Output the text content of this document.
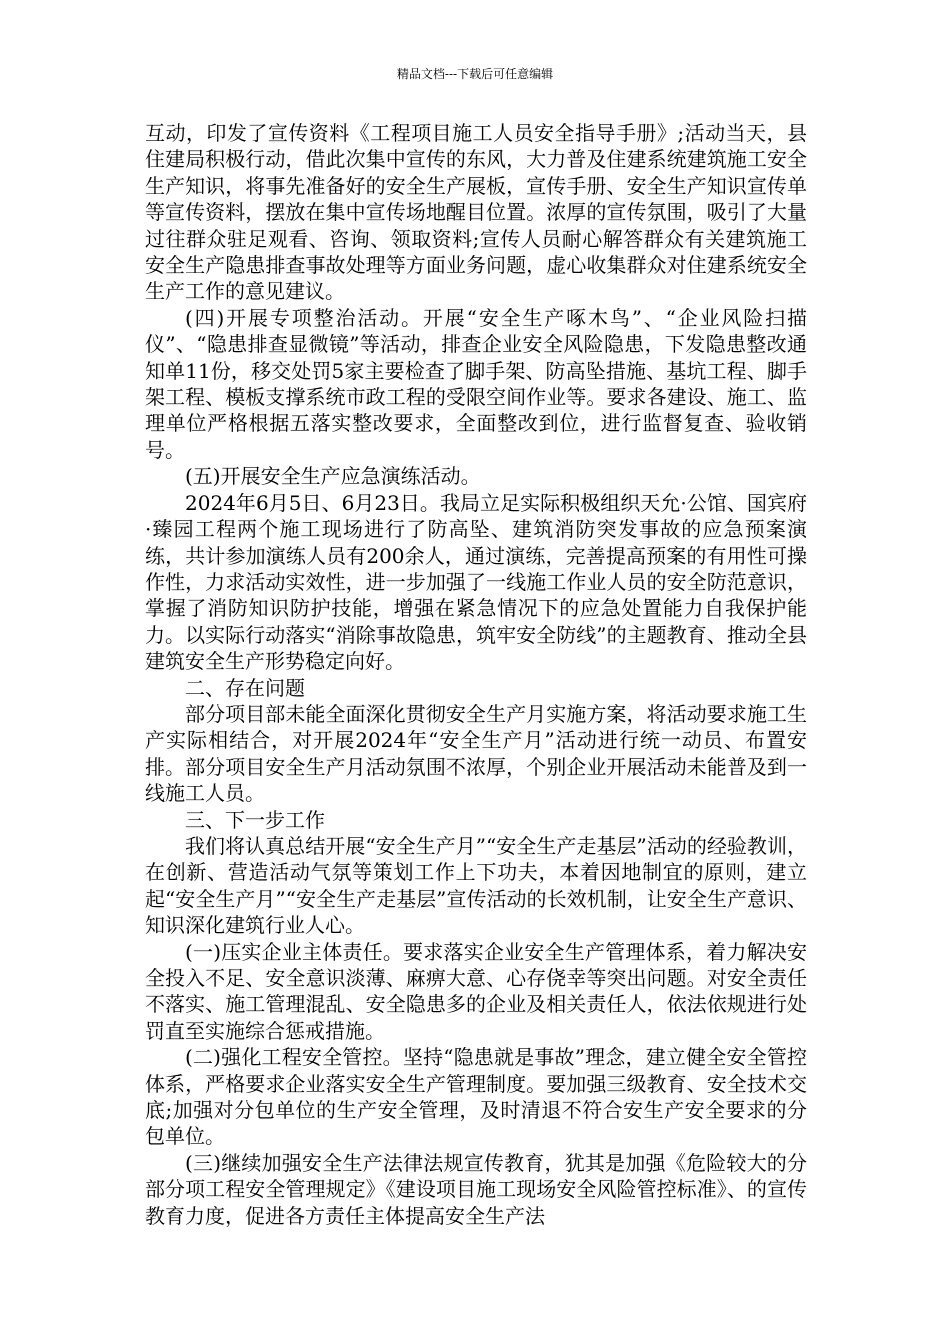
精品文档---下载后可任意编辑

互动，印发了宣传资料《工程项目施工人员安全指导手册》;活动当天，县住建局积极行动，借此次集中宣传的东风，大力普及住建系统建筑施工安全生产知识，将事先准备好的安全生产展板，宣传手册、安全生产知识宣传单等宣传资料，摆放在集中宣传场地醒目位置。浓厚的宣传氛围，吸引了大量过往群众驻足观看、咨询、领取资料;宣传人员耐心解答群众有关建筑施工安全生产隐患排查事故处理等方面业务问题，虚心收集群众对住建系统安全生产工作的意见建议。

(四)开展专项整治活动。开展“安全生产啄木鸟”、“企业风险扫描仪”、“隐患排查显微镜”等活动，排查企业安全风险隐患，下发隐患整改通知单11份，移交处罚5家主要检查了脚手架、防高坠措施、基坑工程、脚手架工程、模板支撑系统市政工程的受限空间作业等。要求各建设、施工、监理单位严格根据五落实整改要求，全面整改到位，进行监督复查、验收销号。

(五)开展安全生产应急演练活动。

2024年6月5日、6月23日。我局立足实际积极组织天允·公馆、国宾府·臻园工程两个施工现场进行了防高坠、建筑消防突发事故的应急预案演练，共计参加演练人员有200余人，通过演练，完善提高预案的有用性可操作性，力求活动实效性，进一步加强了一线施工作业人员的安全防范意识，掌握了消防知识防护技能，增强在紧急情况下的应急处置能力自我保护能力。以实际行动落实“消除事故隐患，筑牢安全防线”的主题教育、推动全县建筑安全生产形势稳定向好。

二、存在问题

部分项目部未能全面深化贯彻安全生产月实施方案，将活动要求施工生产实际相结合，对开展2024年“安全生产月”活动进行统一动员、布置安排。部分项目安全生产月活动氛围不浓厚，个别企业开展活动未能普及到一线施工人员。

三、下一步工作

我们将认真总结开展“安全生产月”“安全生产走基层”活动的经验教训，在创新、营造活动气氛等策划工作上下功夫，本着因地制宜的原则，建立起“安全生产月”“安全生产走基层”宣传活动的长效机制，让安全生产意识、知识深化建筑行业人心。

(一)压实企业主体责任。要求落实企业安全生产管理体系，着力解决安全投入不足、安全意识淡薄、麻痹大意、心存侥幸等突出问题。对安全责任不落实、施工管理混乱、安全隐患多的企业及相关责任人，依法依规进行处罚直至实施综合惩戒措施。

(二)强化工程安全管控。坚持“隐患就是事故”理念，建立健全安全管控体系，严格要求企业落实安全生产管理制度。要加强三级教育、安全技术交底;加强对分包单位的生产安全管理，及时清退不符合安生产安全要求的分包单位。

(三)继续加强安全生产法律法规宣传教育，犹其是加强《危险较大的分部分项工程安全管理规定》《建设项目施工现场安全风险管控标准》、的宣传教育力度，促进各方责任主体提高安全生产法
